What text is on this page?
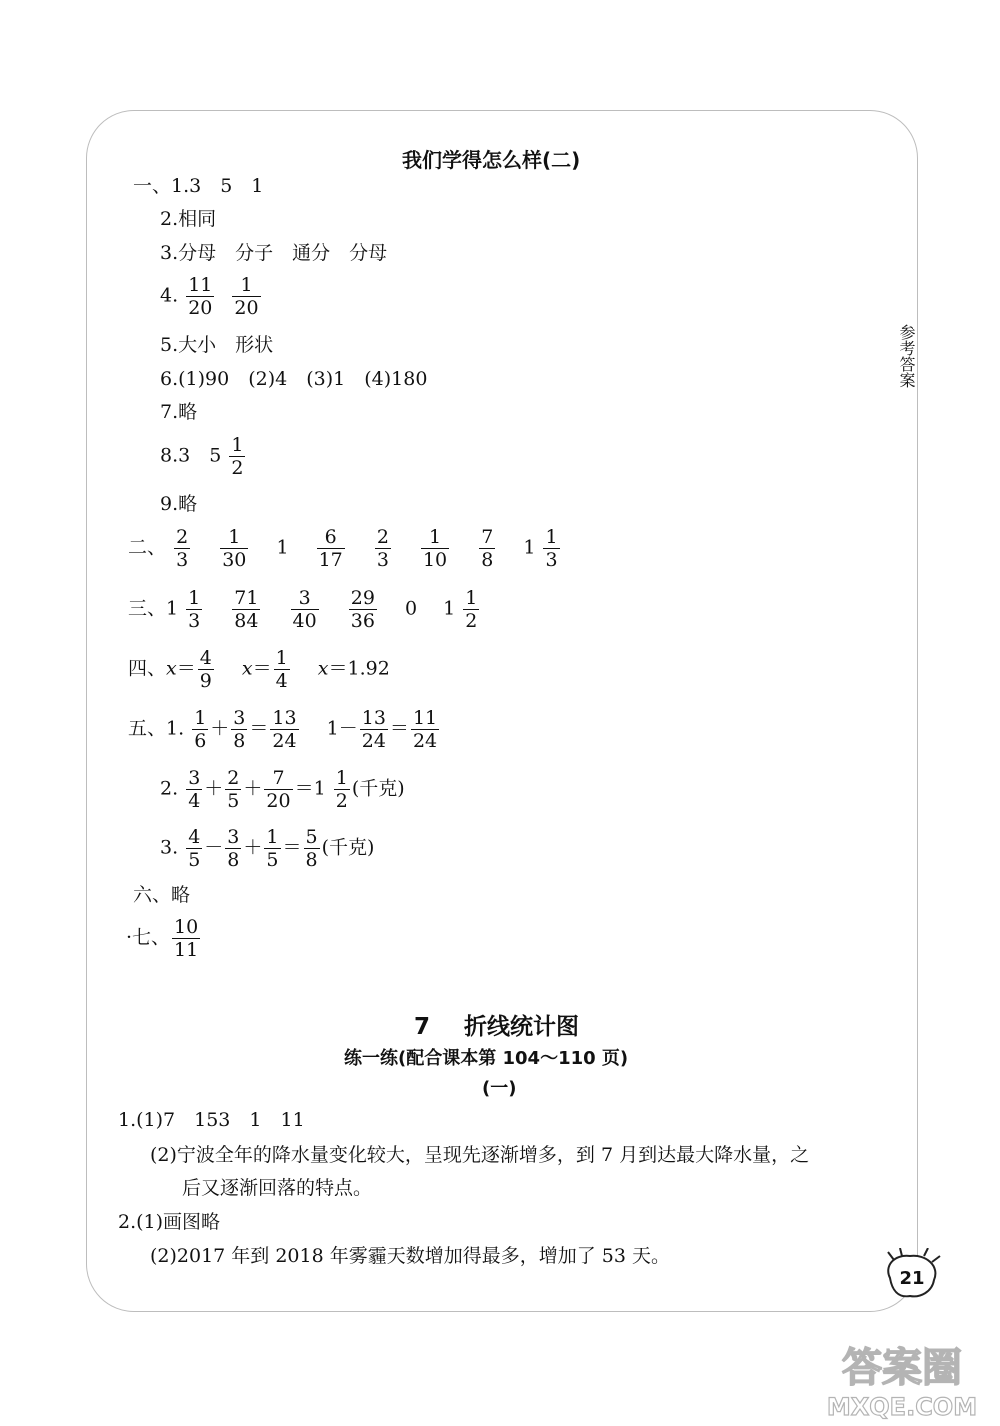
我们学得怎么样(二)
参考答案
一、1.3　5　1
2.相同
3.分母　分子　通分　分母
4. $\frac{11}{20}$
$\frac{1}{20}$
5.大小　形状
6.(1)90　(2)4　(3)1　(4)180
7.略
8.3　$5 \frac{1}{2}$
9.略
二、 $\frac{2}{3}$
$\frac{1}{30} 1 \frac{6}{17}$
$\frac{2}{3}$
$\frac{1}{10}$
$\frac{7}{8} 1 \frac{1}{3}$
三、$1 \frac{1}{3}$
$\frac{71}{84}$
$\frac{3}{40}$
$\frac{29}{36} 0$ $1 \frac{1}{2}$
四、$x= \frac{4}{9} x= \frac{1}{4} x=1.92$
五、1. $\frac{1}{6} + \frac{3}{8} = \frac{13}{24} 1- \frac{13}{24} = \frac{11}{24}$
2. $\frac{3}{4} + \frac{2}{5} + \frac{7}{20} =1 \frac{1}{2}$ (千克)
3. $\frac{4}{5} - \frac{3}{8} + \frac{1}{5} = \frac{5}{8}$ (千克)
六、略
·七、 $\frac{10}{11}$
7 折线统计图
练一练(配合课本第 104～110 页)
(一)
1.(1)7　153　1　11
(2)宁波全年的降水量变化较大，呈现先逐渐增多，到 7 月到达最大降水量，之
后又逐渐回落的特点。
2.(1)画图略
(2)2017 年到 2018 年雾霾天数增加得最多，增加了 53 天。
21
答案圈
MXQE.COM
